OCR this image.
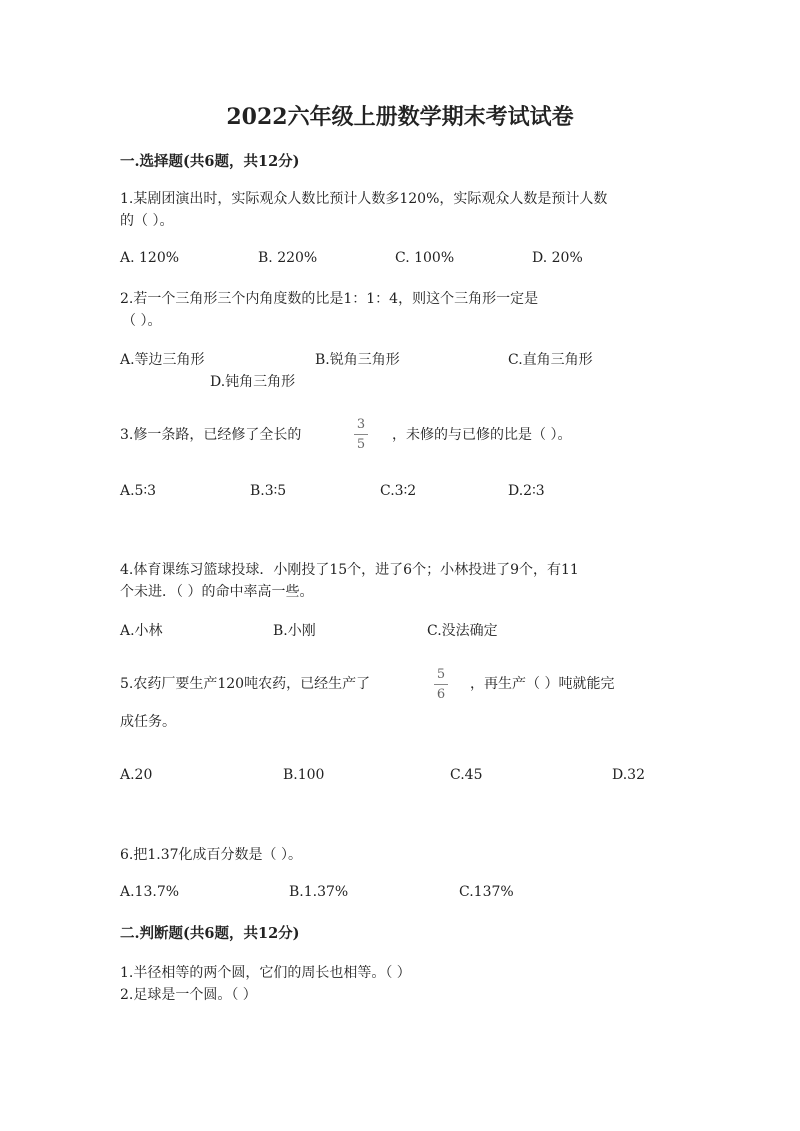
2022六年级上册数学期末考试试卷
一.选择题(共6题，共12分)
1.某剧团演出时，实际观众人数比预计人数多120%，实际观众人数是预计人数
的（ ）。
A. 120%	B. 220%	C. 100%	D. 20%
2.若一个三角形三个内角度数的比是1：1：4，则这个三角形一定是
（ ）。
A.等边三角形	B.锐角三角形	C.直角三角形
D.钝角三角形
3.修一条路，已经修了全长的
3
5
，未修的与已修的比是（ ）。
A.5∶3	B.3∶5	C.3∶2	D.2∶3
4.体育课练习篮球投球．小刚投了15个，进了6个；小林投进了9个，有11
个未进．（ ）的命中率高一些。
A.小林	B.小刚	C.没法确定
5.农药厂要生产120吨农药，已经生产了
5
6
，再生产（ ）吨就能完
成任务。
A.20	B.100	C.45	D.32
6.把1.37化成百分数是（ ）。
A.13.7%	B.1.37%	C.137%
二.判断题(共6题，共12分)
1.半径相等的两个圆，它们的周长也相等。（ ）
2.足球是一个圆。（ ）
